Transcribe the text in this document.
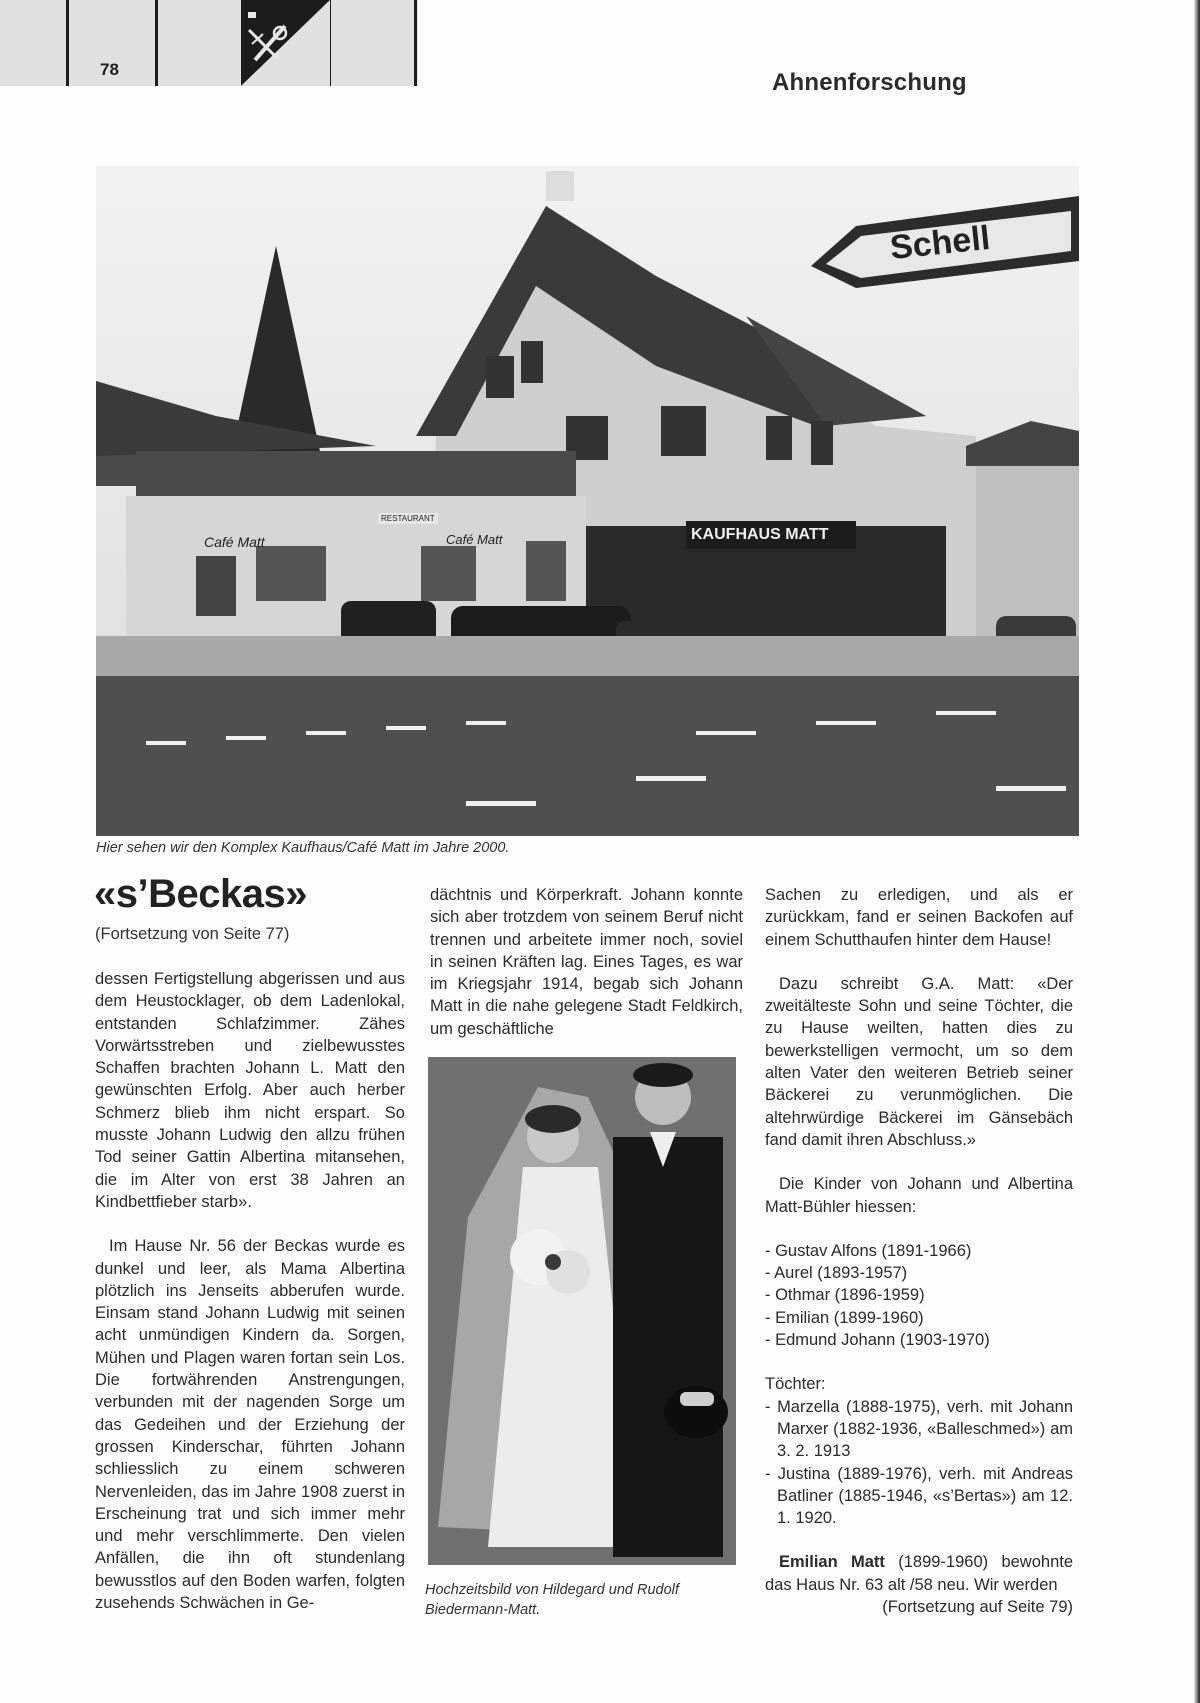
78	Ahnenforschung
Schell
Café Matt
RESTAURANT
Café Matt	KAUFHAUS MATT
Hier sehen wir den Komplex Kaufhaus/Café Matt im Jahre 2000.
«s’Beckas»
(Fortsetzung von Seite 77)

dessen Fertigstellung abgerissen und aus dem Heustocklager, ob dem Ladenlokal, entstanden Schlafzimmer. Zähes Vorwärtsstreben und zielbewusstes Schaffen brachten Johann L. Matt den gewünschten Erfolg. Aber auch herber Schmerz blieb ihm nicht erspart. So musste Johann Ludwig den allzu frühen Tod seiner Gattin Albertina mitansehen, die im Alter von erst 38 Jahren an Kindbettfieber starb».

Im Hause Nr. 56 der Beckas wurde es dunkel und leer, als Mama Albertina plötzlich ins Jenseits abberufen wurde. Einsam stand Johann Ludwig mit seinen acht unmündigen Kindern da. Sorgen, Mühen und Plagen waren fortan sein Los. Die fortwährenden Anstrengungen, verbunden mit der nagenden Sorge um das Gedeihen und der Erziehung der grossen Kinderschar, führten Johann schliesslich zu einem schweren Nervenleiden, das im Jahre 1908 zuerst in Erscheinung trat und sich immer mehr und mehr verschlimmerte. Den vielen Anfällen, die ihn oft stundenlang bewusstlos auf den Boden warfen, folgten zusehends Schwächen in Ge-

dächtnis und Körperkraft. Johann konnte sich aber trotzdem von seinem Beruf nicht trennen und arbeitete immer noch, soviel in seinen Kräften lag. Eines Tages, es war im Kriegsjahr 1914, begab sich Johann Matt in die nahe gelegene Stadt Feldkirch, um geschäftliche

Hochzeitsbild von Hildegard und Rudolf Biedermann-Matt.

Sachen zu erledigen, und als er zurückkam, fand er seinen Backofen auf einem Schutthaufen hinter dem Hause!

Dazu schreibt G.A. Matt: «Der zweitälteste Sohn und seine Töchter, die zu Hause weilten, hatten dies zu bewerkstelligen vermocht, um so dem alten Vater den weiteren Betrieb seiner Bäckerei zu verunmöglichen. Die altehrwürdige Bäckerei im Gänsebäch fand damit ihren Abschluss.»

Die Kinder von Johann und Albertina Matt-Bühler hiessen:

- Gustav Alfons (1891-1966)
- Aurel (1893-1957)
- Othmar (1896-1959)
- Emilian (1899-1960)
- Edmund Johann (1903-1970)

Töchter:

- Marzella (1888-1975), verh. mit Johann Marxer (1882-1936, «Balleschmed») am 3. 2. 1913
- Justina (1889-1976), verh. mit Andreas Batliner (1885-1946, «s’Bertas») am 12. 1. 1920.

Emilian Matt (1899-1960) bewohnte das Haus Nr. 63 alt /58 neu. Wir werden

(Fortsetzung auf Seite 79)
